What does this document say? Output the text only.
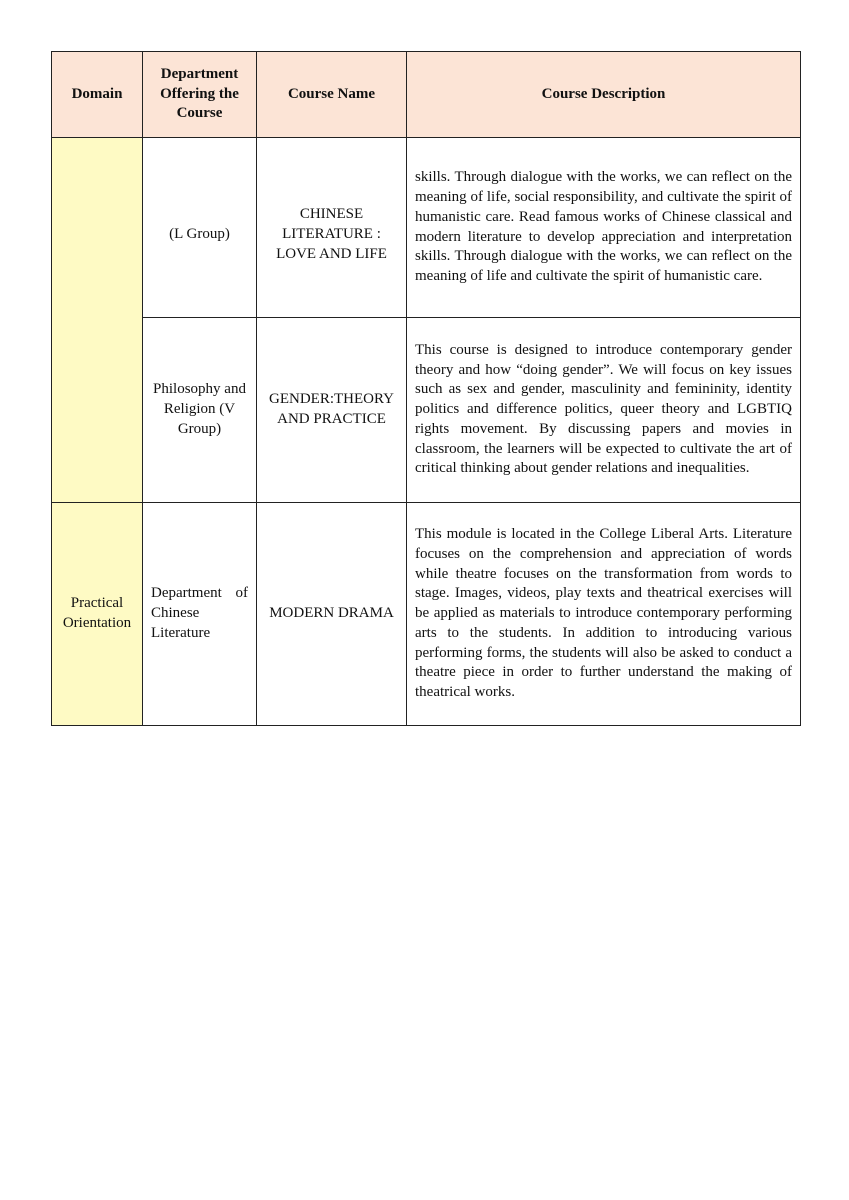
Domain	Department Offering the Course	Course Name	Course Description
	(L Group)	CHINESE LITERATURE : LOVE AND LIFE	skills. Through dialogue with the works, we can reflect on the meaning of life, social responsibility, and cultivate the spirit of humanistic care. Read famous works of Chinese classical and modern literature to develop appreciation and interpretation skills. Through dialogue with the works, we can reflect on the meaning of life and cultivate the spirit of humanistic care.
	Philosophy and Religion (V Group)	GENDER:THEORY AND PRACTICE	This course is designed to introduce contemporary gender theory and how “doing gender”. We will focus on key issues such as sex and gender, masculinity and femininity, identity politics and difference politics, queer theory and LGBTIQ rights movement. By discussing papers and movies in classroom, the learners will be expected to cultivate the art of critical thinking about gender relations and inequalities.
Practical Orientation	Department of Chinese Literature	MODERN DRAMA	This module is located in the College Liberal Arts. Literature focuses on the comprehension and appreciation of words while theatre focuses on the transformation from words to stage. Images, videos, play texts and theatrical exercises will be applied as materials to introduce contemporary performing arts to the students. In addition to introducing various performing forms, the students will also be asked to conduct a theatre piece in order to further understand the making of theatrical works.
